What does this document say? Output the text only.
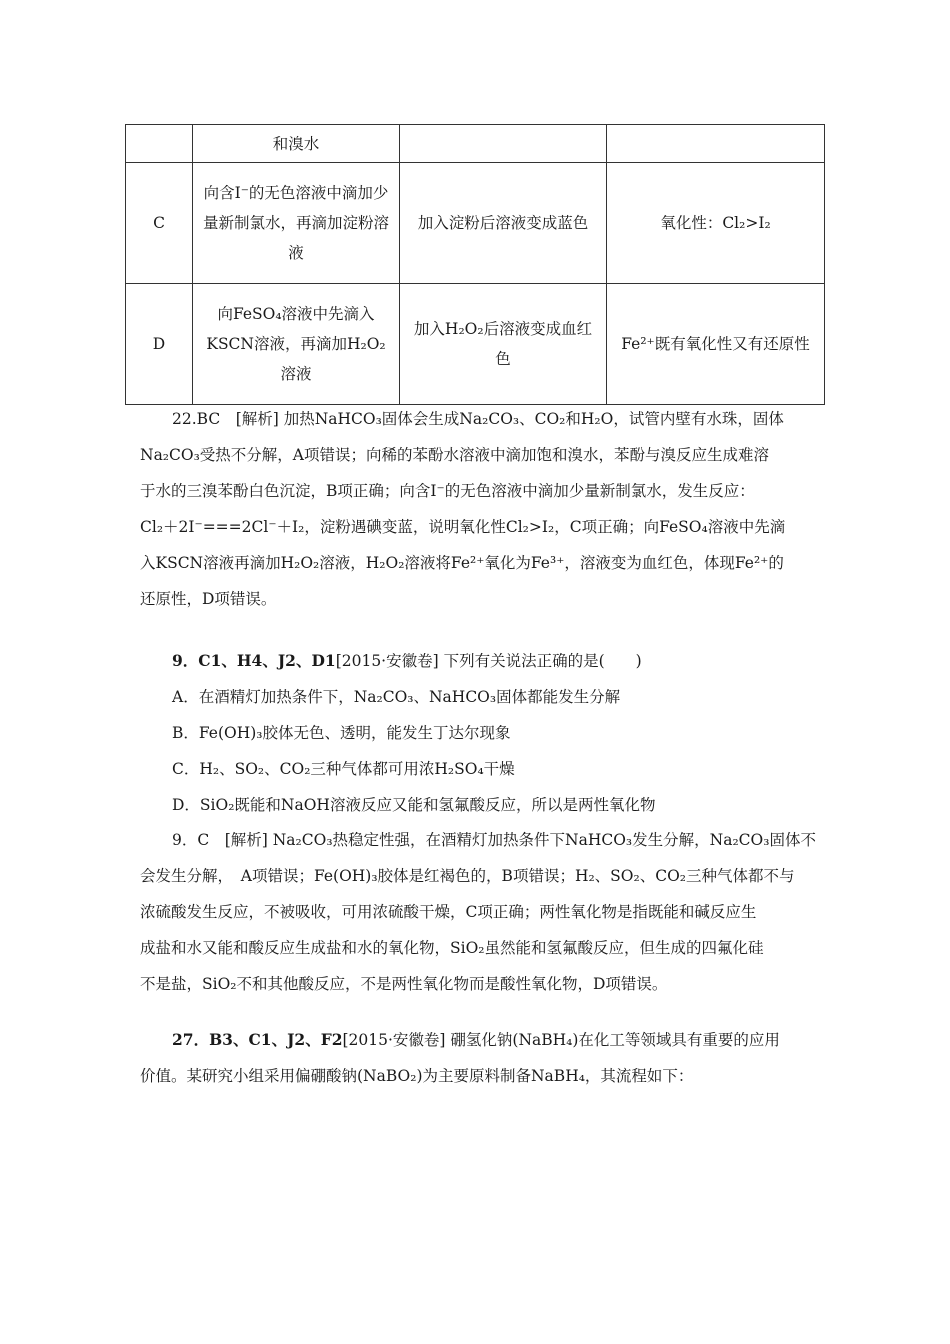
	和溴水		
C	向含I⁻的无色溶液中滴加少量新制氯水，再滴加淀粉溶液	加入淀粉后溶液变成蓝色	氧化性：Cl₂>I₂
D	向FeSO₄溶液中先滴入KSCN溶液，再滴加H₂O₂溶液	加入H₂O₂后溶液变成血红色	Fe²⁺既有氧化性又有还原性
22.BC　[解析] 加热NaHCO₃固体会生成Na₂CO₃、CO₂和H₂O，试管内壁有水珠，固体
Na₂CO₃受热不分解，A项错误；向稀的苯酚水溶液中滴加饱和溴水，苯酚与溴反应生成难溶
于水的三溴苯酚白色沉淀，B项正确；向含I⁻的无色溶液中滴加少量新制氯水，发生反应：
Cl₂＋2I⁻===2Cl⁻＋I₂，淀粉遇碘变蓝，说明氧化性Cl₂>I₂，C项正确；向FeSO₄溶液中先滴
入KSCN溶液再滴加H₂O₂溶液，H₂O₂溶液将Fe²⁺氧化为Fe³⁺，溶液变为血红色，体现Fe²⁺的
还原性，D项错误。
9．C1、H4、J2、D1[2015·安徽卷] 下列有关说法正确的是(　　)
A．在酒精灯加热条件下，Na₂CO₃、NaHCO₃固体都能发生分解
B．Fe(OH)₃胶体无色、透明，能发生丁达尔现象
C．H₂、SO₂、CO₂三种气体都可用浓H₂SO₄干燥
D．SiO₂既能和NaOH溶液反应又能和氢氟酸反应，所以是两性氧化物
9．C　[解析] Na₂CO₃热稳定性强，在酒精灯加热条件下NaHCO₃发生分解，Na₂CO₃固体不
会发生分解，　A项错误；Fe(OH)₃胶体是红褐色的，B项错误；H₂、SO₂、CO₂三种气体都不与
浓硫酸发生反应，不被吸收，可用浓硫酸干燥，C项正确；两性氧化物是指既能和碱反应生
成盐和水又能和酸反应生成盐和水的氧化物，SiO₂虽然能和氢氟酸反应，但生成的四氟化硅
不是盐，SiO₂不和其他酸反应，不是两性氧化物而是酸性氧化物，D项错误。
27．B3、C1、J2、F2[2015·安徽卷] 硼氢化钠(NaBH₄)在化工等领域具有重要的应用
价值。某研究小组采用偏硼酸钠(NaBO₂)为主要原料制备NaBH₄，其流程如下：
